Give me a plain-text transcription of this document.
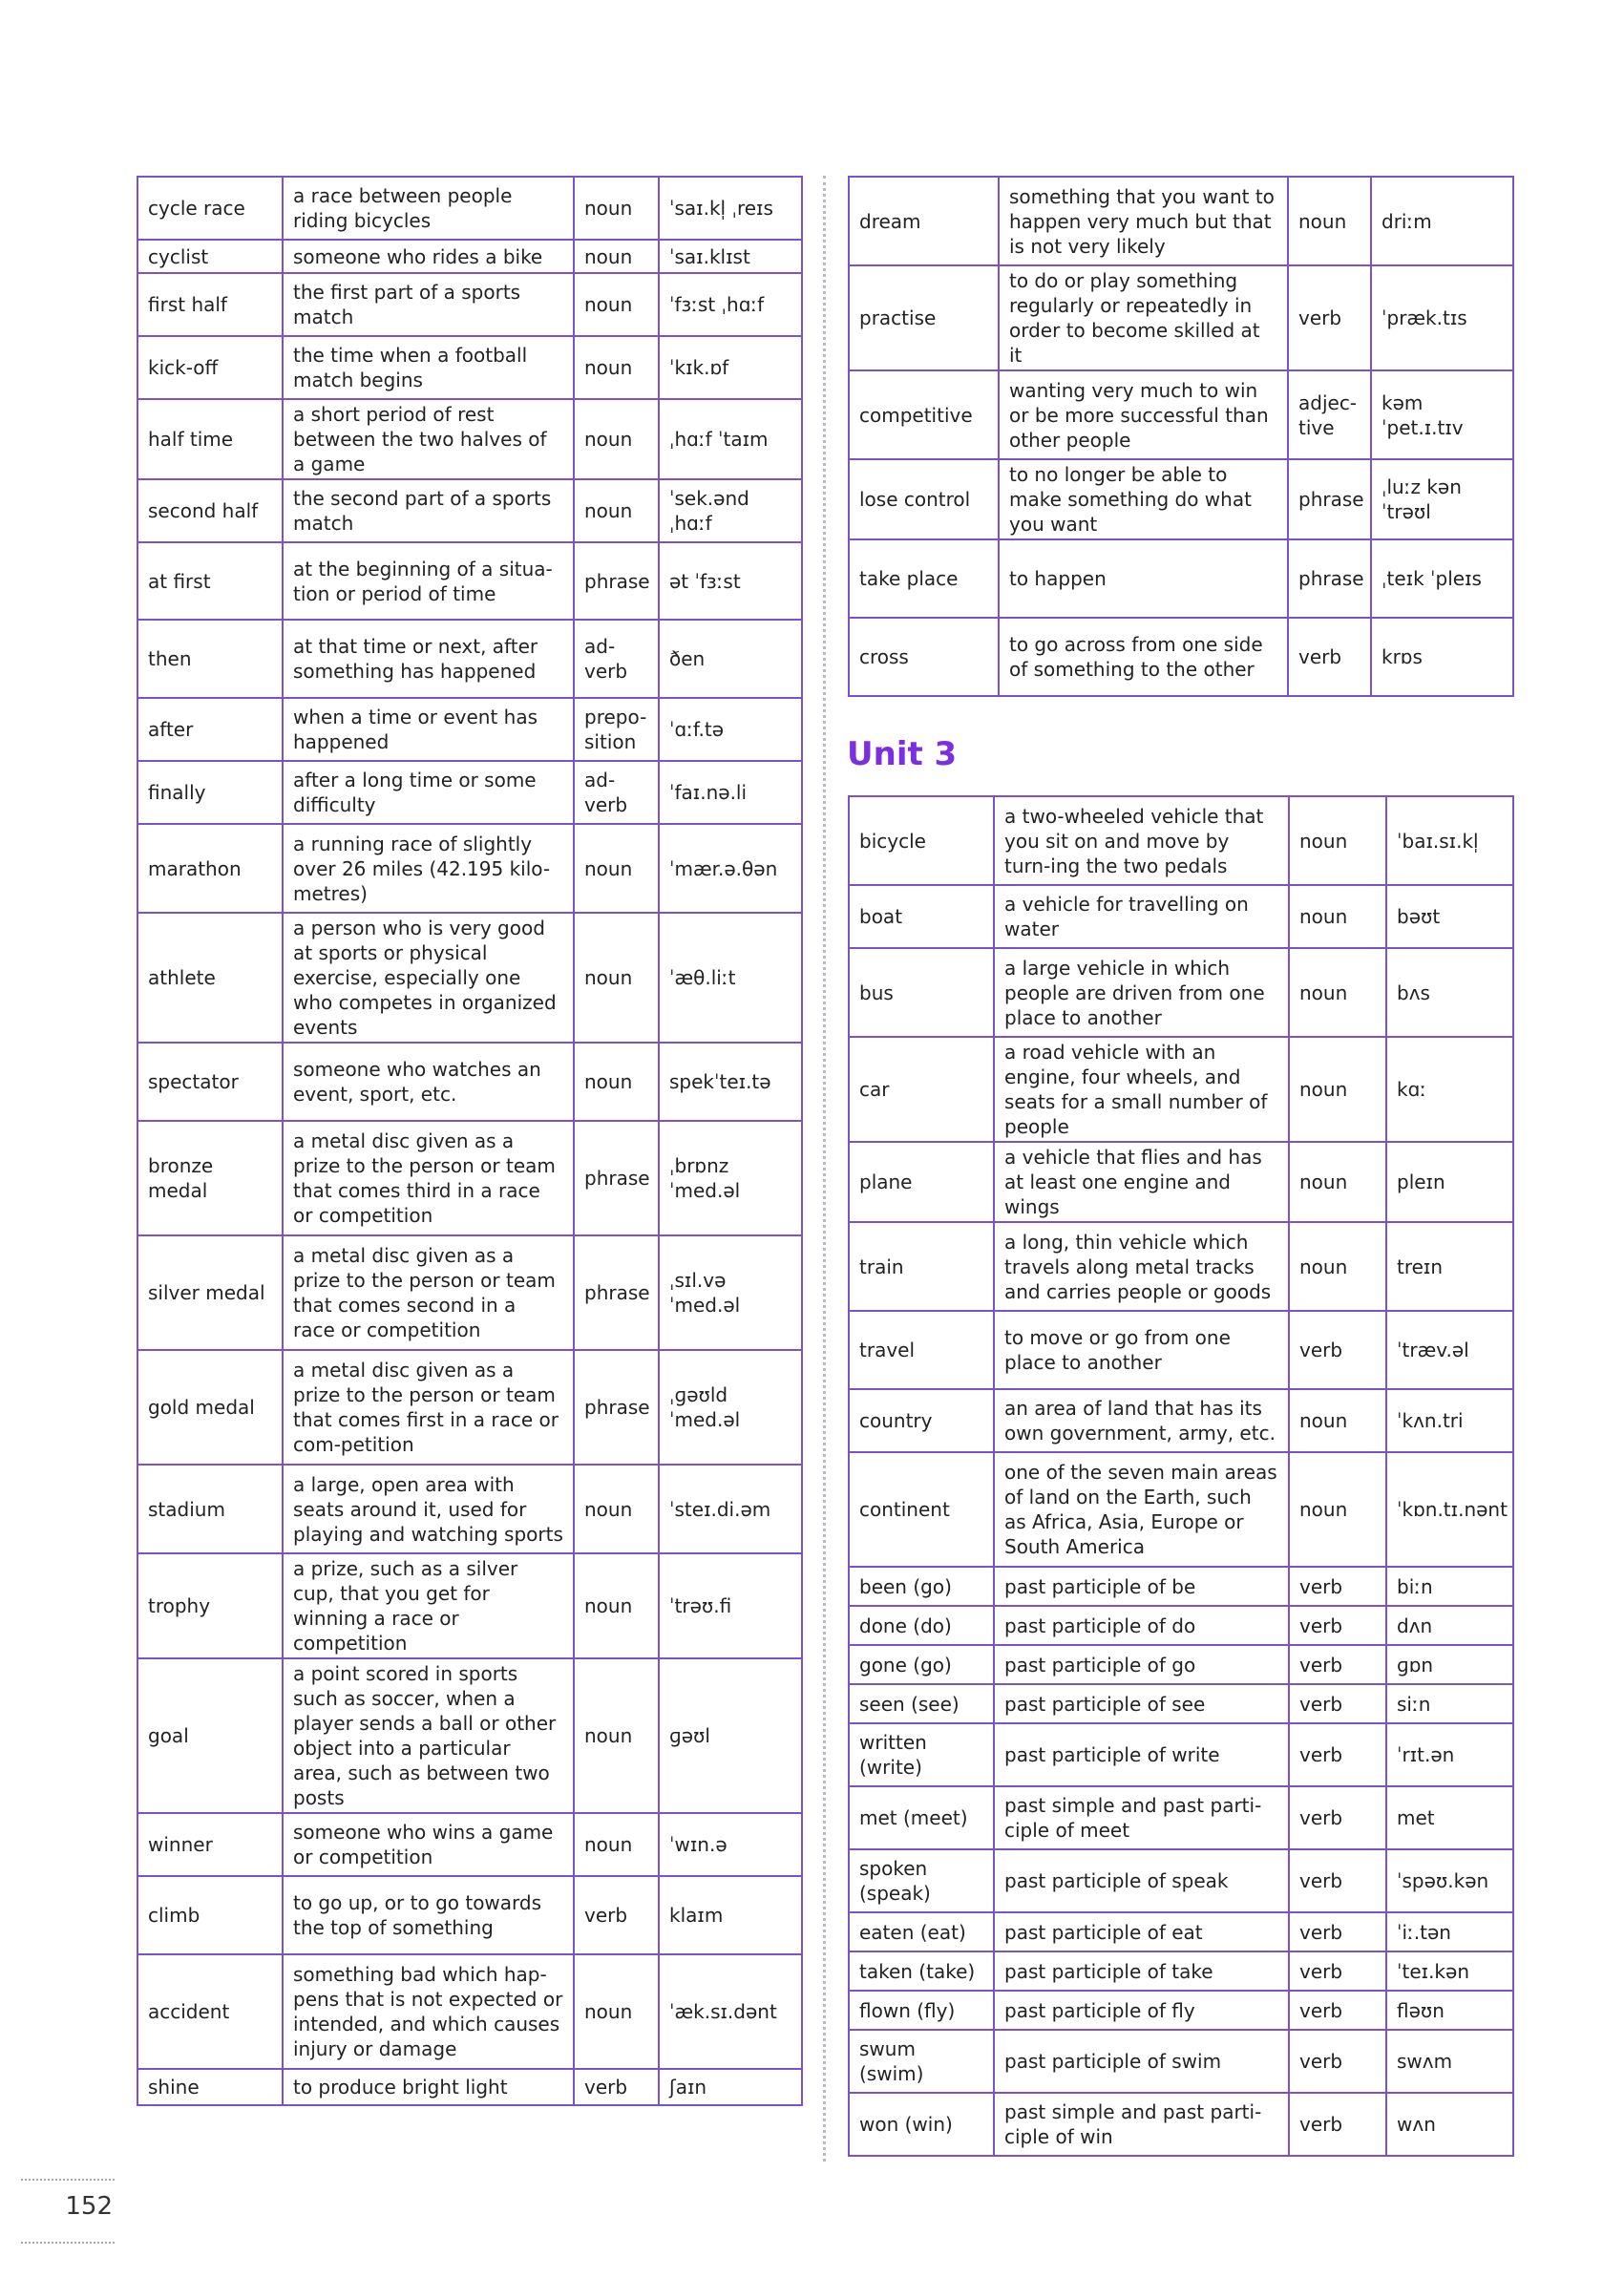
cycle race	a race between people riding bicycles	noun	ˈsaɪ.kl̩ ˌreɪs
cyclist	someone who rides a bike	noun	ˈsaɪ.klɪst
first half	the first part of a sports match	noun	ˈfɜːst ˌhɑːf
kick-off	the time when a football match begins	noun	ˈkɪk.ɒf
half time	a short period of rest between the two halves of a game	noun	ˌhɑːf ˈtaɪm
second half	the second part of a sports match	noun	ˈsek.ənd ˌhɑːf
at first	at the beginning of a situa-tion or period of time	phrase	ət ˈfɜːst
then	at that time or next, after something has happened	ad-verb	ðen
after	when a time or event has happened	prepo-sition	ˈɑːf.tə
finally	after a long time or some difficulty	ad-verb	ˈfaɪ.nə.li
marathon	a running race of slightly over 26 miles (42.195 kilo-metres)	noun	ˈmær.ə.θən
athlete	a person who is very good at sports or physical exercise, especially one who competes in organized events	noun	ˈæθ.liːt
spectator	someone who watches an event, sport, etc.	noun	spekˈteɪ.tə
bronze medal	a metal disc given as a prize to the person or team that comes third in a race or competition	phrase	ˌbrɒnz ˈmed.əl
silver medal	a metal disc given as a prize to the person or team that comes second in a race or competition	phrase	ˌsɪl.və ˈmed.əl
gold medal	a metal disc given as a prize to the person or team that comes first in a race or com-petition	phrase	ˌɡəʊld ˈmed.əl
stadium	a large, open area with seats around it, used for playing and watching sports	noun	ˈsteɪ.di.əm
trophy	a prize, such as a silver cup, that you get for winning a race or competition	noun	ˈtrəʊ.fi
goal	a point scored in sports such as soccer, when a player sends a ball or other object into a particular area, such as between two posts	noun	ɡəʊl
winner	someone who wins a game or competition	noun	ˈwɪn.ə
climb	to go up, or to go towards the top of something	verb	klaɪm
accident	something bad which hap-pens that is not expected or intended, and which causes injury or damage	noun	ˈæk.sɪ.dənt
shine	to produce bright light	verb	ʃaɪn
dream	something that you want to happen very much but that is not very likely	noun	driːm
practise	to do or play something regularly or repeatedly in order to become skilled at it	verb	ˈpræk.tɪs
competitive	wanting very much to win or be more successful than other people	adjec-tive	kəmˈpet.ɪ.tɪv
lose control	to no longer be able to make something do what you want	phrase	ˌluːz kənˈtrəʊl
take place	to happen	phrase	ˌteɪk ˈpleɪs
cross	to go across from one side of something to the other	verb	krɒs
Unit 3
bicycle	a two-wheeled vehicle that you sit on and move by turn-ing the two pedals	noun	ˈbaɪ.sɪ.kl̩
boat	a vehicle for travelling on water	noun	bəʊt
bus	a large vehicle in which people are driven from one place to another	noun	bʌs
car	a road vehicle with an engine, four wheels, and seats for a small number of people	noun	kɑː
plane	a vehicle that flies and has at least one engine and wings	noun	pleɪn
train	a long, thin vehicle which travels along metal tracks and carries people or goods	noun	treɪn
travel	to move or go from one place to another	verb	ˈtræv.əl
country	an area of land that has its own government, army, etc.	noun	ˈkʌn.tri
continent	one of the seven main areas of land on the Earth, such as Africa, Asia, Europe or South America	noun	ˈkɒn.tɪ.nənt
been (go)	past participle of be	verb	biːn
done (do)	past participle of do	verb	dʌn
gone (go)	past participle of go	verb	ɡɒn
seen (see)	past participle of see	verb	siːn
written (write)	past participle of write	verb	ˈrɪt.ən
met (meet)	past simple and past parti-ciple of meet	verb	met
spoken (speak)	past participle of speak	verb	ˈspəʊ.kən
eaten (eat)	past participle of eat	verb	ˈiː.tən
taken (take)	past participle of take	verb	ˈteɪ.kən
flown (fly)	past participle of fly	verb	fləʊn
swum (swim)	past participle of swim	verb	swʌm
won (win)	past simple and past parti-ciple of win	verb	wʌn
152
